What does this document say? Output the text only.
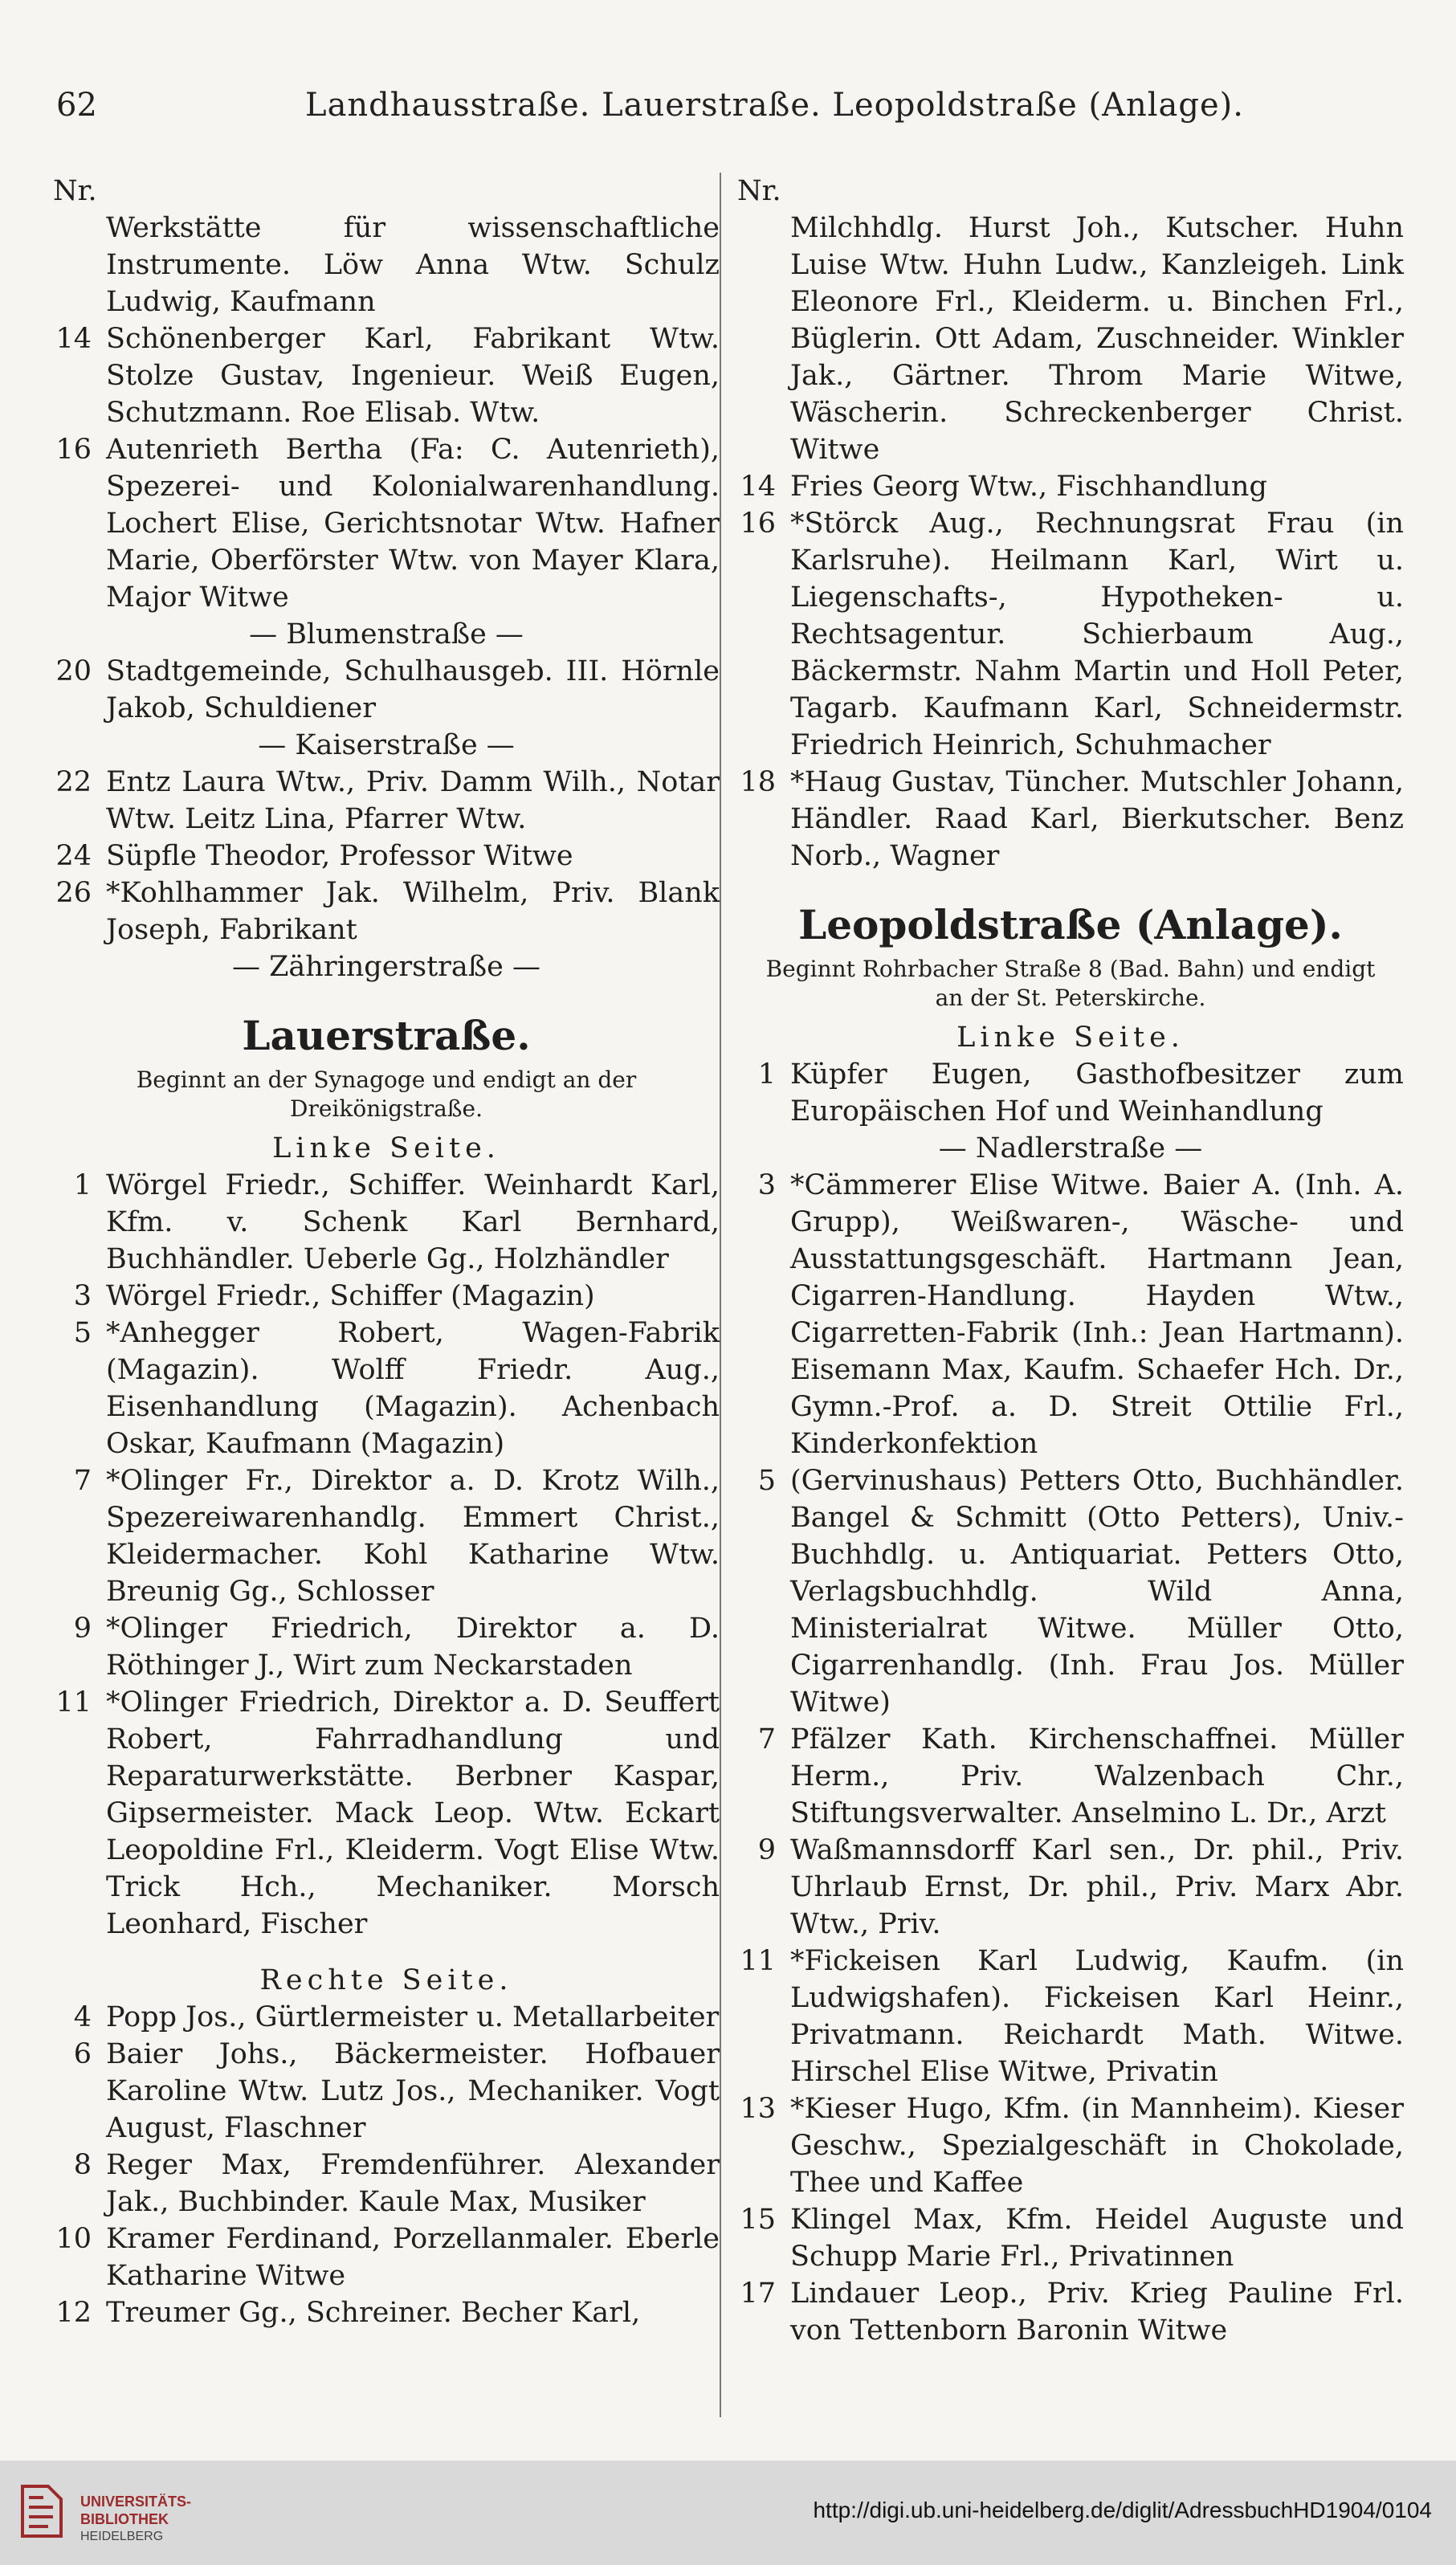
62	Landhausstraße. Lauerstraße. Leopoldstraße (Anlage).
Nr.
Werkstätte für wissenschaftliche Instrumente. Löw Anna Wtw. Schulz Ludwig, Kaufmann
14 Schönenberger Karl, Fabrikant Wtw. Stolze Gustav, Ingenieur. Weiß Eugen, Schutzmann. Roe Elisab. Wtw.
16 Autenrieth Bertha (Fa: C. Autenrieth), Spezerei- und Kolonialwarenhandlung. Lochert Elise, Gerichtsnotar Wtw. Hafner Marie, Oberförster Wtw. von Mayer Klara, Major Witwe
— Blumenstraße —
20 Stadtgemeinde, Schulhausgeb. III. Hörnle Jakob, Schuldiener
— Kaiserstraße —
22 Entz Laura Wtw., Priv. Damm Wilh., Notar Wtw. Leitz Lina, Pfarrer Wtw.
24 Süpfle Theodor, Professor Witwe
26 *Kohlhammer Jak. Wilhelm, Priv. Blank Joseph, Fabrikant
— Zähringerstraße —
Lauerstraße.
Beginnt an der Synagoge und endigt an der Dreikönigstraße.
Linke Seite.
1 Wörgel Friedr., Schiffer. Weinhardt Karl, Kfm. v. Schenk Karl Bernhard, Buchhändler. Ueberle Gg., Holzhändler
3 Wörgel Friedr., Schiffer (Magazin)
5 *Anhegger Robert, Wagen-Fabrik (Magazin). Wolff Friedr. Aug., Eisenhandlung (Magazin). Achenbach Oskar, Kaufmann (Magazin)
7 *Olinger Fr., Direktor a. D. Krotz Wilh., Spezereiwarenhandlg. Emmert Christ., Kleidermacher. Kohl Katharine Wtw. Breunig Gg., Schlosser
9 *Olinger Friedrich, Direktor a. D. Röthinger J., Wirt zum Neckarstaden
11 *Olinger Friedrich, Direktor a. D. Seuffert Robert, Fahrradhandlung und Reparaturwerkstätte. Berbner Kaspar, Gipsermeister. Mack Leop. Wtw. Eckart Leopoldine Frl., Kleiderm. Vogt Elise Wtw. Trick Hch., Mechaniker. Morsch Leonhard, Fischer
Rechte Seite.
4 Popp Jos., Gürtlermeister u. Metallarbeiter
6 Baier Johs., Bäckermeister. Hofbauer Karoline Wtw. Lutz Jos., Mechaniker. Vogt August, Flaschner
8 Reger Max, Fremdenführer. Alexander Jak., Buchbinder. Kaule Max, Musiker
10 Kramer Ferdinand, Porzellanmaler. Eberle Katharine Witwe
12 Treumer Gg., Schreiner. Becher Karl,
Nr.
Milchhdlg. Hurst Joh., Kutscher. Huhn Luise Wtw. Huhn Ludw., Kanzleigeh. Link Eleonore Frl., Kleiderm. u. Binchen Frl., Büglerin. Ott Adam, Zuschneider. Winkler Jak., Gärtner. Throm Marie Witwe, Wäscherin. Schreckenberger Christ. Witwe
14 Fries Georg Wtw., Fischhandlung
16 *Störck Aug., Rechnungsrat Frau (in Karlsruhe). Heilmann Karl, Wirt u. Liegenschafts-, Hypotheken- u. Rechtsagentur. Schierbaum Aug., Bäckermstr. Nahm Martin und Holl Peter, Tagarb. Kaufmann Karl, Schneidermstr. Friedrich Heinrich, Schuhmacher
18 *Haug Gustav, Tüncher. Mutschler Johann, Händler. Raad Karl, Bierkutscher. Benz Norb., Wagner
Leopoldstraße (Anlage).
Beginnt Rohrbacher Straße 8 (Bad. Bahn) und endigt an der St. Peterskirche.
Linke Seite.
1 Küpfer Eugen, Gasthofbesitzer zum Europäischen Hof und Weinhandlung
— Nadlerstraße —
3 *Cämmerer Elise Witwe. Baier A. (Inh. A. Grupp), Weißwaren-, Wäsche- und Ausstattungsgeschäft. Hartmann Jean, Cigarren-Handlung. Hayden Wtw., Cigarretten-Fabrik (Inh.: Jean Hartmann). Eisemann Max, Kaufm. Schaefer Hch. Dr., Gymn.-Prof. a. D. Streit Ottilie Frl., Kinderkonfektion
5 (Gervinushaus) Petters Otto, Buchhändler. Bangel & Schmitt (Otto Petters), Univ.-Buchhdlg. u. Antiquariat. Petters Otto, Verlagsbuchhdlg. Wild Anna, Ministerialrat Witwe. Müller Otto, Cigarrenhandlg. (Inh. Frau Jos. Müller Witwe)
7 Pfälzer Kath. Kirchenschaffnei. Müller Herm., Priv. Walzenbach Chr., Stiftungsverwalter. Anselmino L. Dr., Arzt
9 Waßmannsdorff Karl sen., Dr. phil., Priv. Uhrlaub Ernst, Dr. phil., Priv. Marx Abr. Wtw., Priv.
11 *Fickeisen Karl Ludwig, Kaufm. (in Ludwigshafen). Fickeisen Karl Heinr., Privatmann. Reichardt Math. Witwe. Hirschel Elise Witwe, Privatin
13 *Kieser Hugo, Kfm. (in Mannheim). Kieser Geschw., Spezialgeschäft in Chokolade, Thee und Kaffee
15 Klingel Max, Kfm. Heidel Auguste und Schupp Marie Frl., Privatinnen
17 Lindauer Leop., Priv. Krieg Pauline Frl. von Tettenborn Baronin Witwe
UNIVERSITÄTS-
BIBLIOTHEK
HEIDELBERG
http://digi.ub.uni-heidelberg.de/diglit/AdressbuchHD1904/0104
